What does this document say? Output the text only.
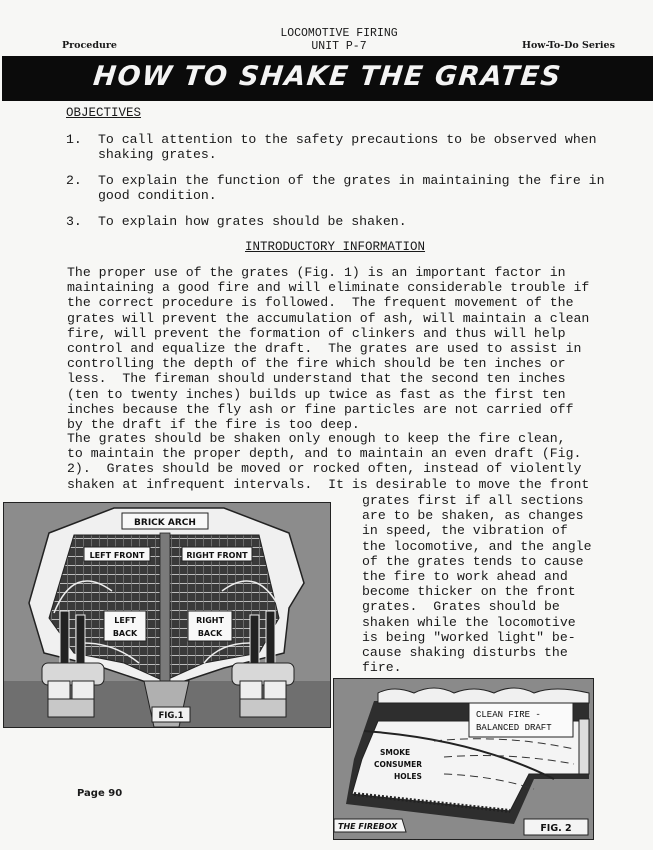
Procedure
LOCOMOTIVE FIRING
UNIT P-7	How-To-Do Series
HOW TO SHAKE THE GRATES
OBJECTIVES
1. To call attention to the safety precautions to be observed when shaking grates.
2. To explain the function of the grates in maintaining the fire in good condition.
3. To explain how grates should be shaken.
INTRODUCTORY INFORMATION
The proper use of the grates (Fig. 1) is an important factor in
maintaining a good fire and will eliminate considerable trouble if
the correct procedure is followed.  The frequent movement of the
grates will prevent the accumulation of ash, will maintain a clean
fire, will prevent the formation of clinkers and thus will help
control and equalize the draft.  The grates are used to assist in
controlling the depth of the fire which should be ten inches or
less.  The fireman should understand that the second ten inches
(ten to twenty inches) builds up twice as fast as the first ten
inches because the fly ash or fine particles are not carried off
by the draft if the fire is too deep.
The grates should be shaken only enough to keep the fire clean,
to maintain the proper depth, and to maintain an even draft (Fig.
2).  Grates should be moved or rocked often, instead of violently
shaken at infrequent intervals.  It is desirable to move the front
grates first if all sections
are to be shaken, as changes
in speed, the vibration of
the locomotive, and the angle
of the grates tends to cause
the fire to work ahead and
become thicker on the front
grates.  Grates should be
shaken while the locomotive
is being "worked light" be-
cause shaking disturbs the
fire.
BRICK ARCH
LEFT FRONT	RIGHT FRONT
LEFT
BACK
RIGHT
BACK
FIG.1	CLEAN FIRE -
BALANCED DRAFT
SMOKE
CONSUMER
HOLES
THE FIREBOX	FIG. 2
Page 90
